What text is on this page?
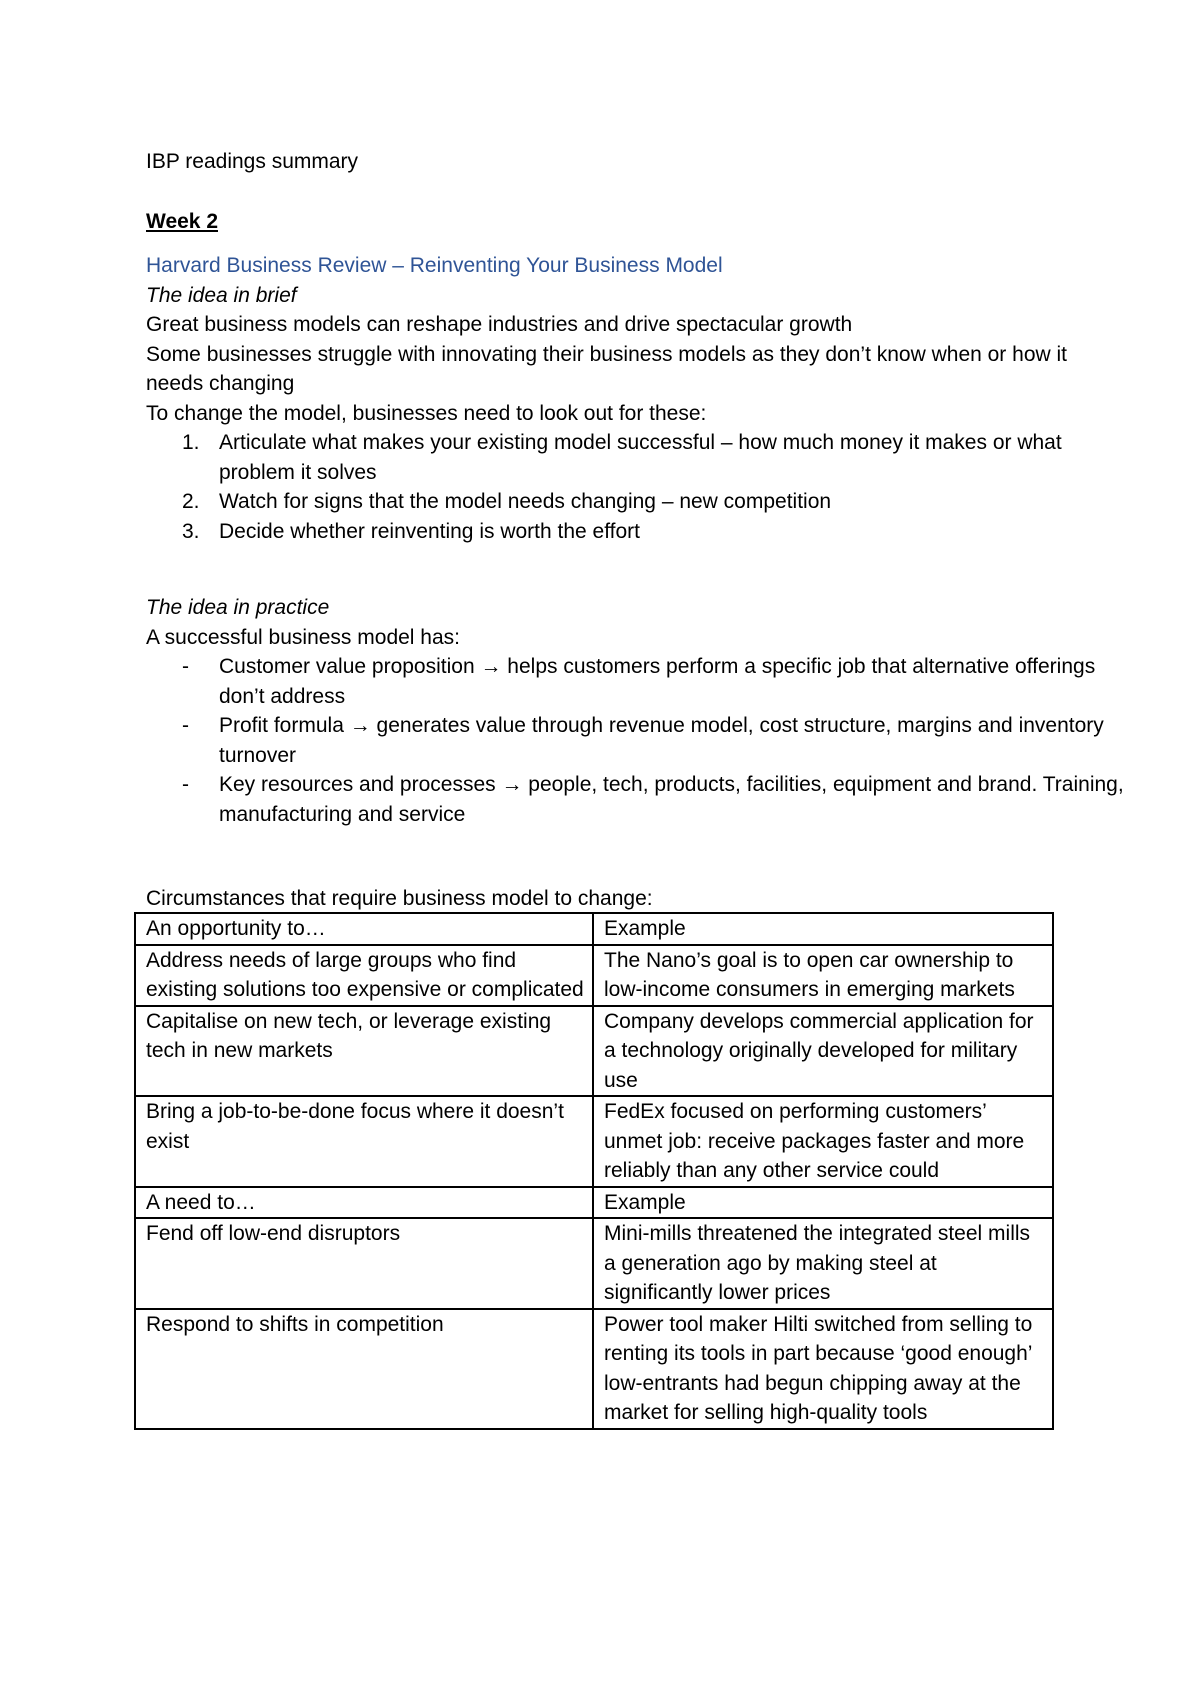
IBP readings summary

Week 2

Harvard Business Review – Reinventing Your Business Model

The idea in brief

Great business models can reshape industries and drive spectacular growth

Some businesses struggle with innovating their business models as they don’t know when or how it needs changing

To change the model, businesses need to look out for these:

1. Articulate what makes your existing model successful – how much money it makes or what problem it solves
2. Watch for signs that the model needs changing – new competition
3. Decide whether reinventing is worth the effort

The idea in practice

A successful business model has:

- Customer value proposition → helps customers perform a specific job that alternative offerings don’t address
- Profit formula → generates value through revenue model, cost structure, margins and inventory turnover
- Key resources and processes → people, tech, products, facilities, equipment and brand. Training, manufacturing and service

Circumstances that require business model to change:

An opportunity to…	Example
Address needs of large groups who find existing solutions too expensive or complicated	The Nano’s goal is to open car ownership to low-income consumers in emerging markets
Capitalise on new tech, or leverage existing tech in new markets	Company develops commercial application for a technology originally developed for military use
Bring a job-to-be-done focus where it doesn’t exist	FedEx focused on performing customers’ unmet job: receive packages faster and more reliably than any other service could
A need to…	Example
Fend off low-end disruptors	Mini-mills threatened the integrated steel mills a generation ago by making steel at significantly lower prices
Respond to shifts in competition	Power tool maker Hilti switched from selling to renting its tools in part because ‘good enough’ low-entrants had begun chipping away at the market for selling high-quality tools
